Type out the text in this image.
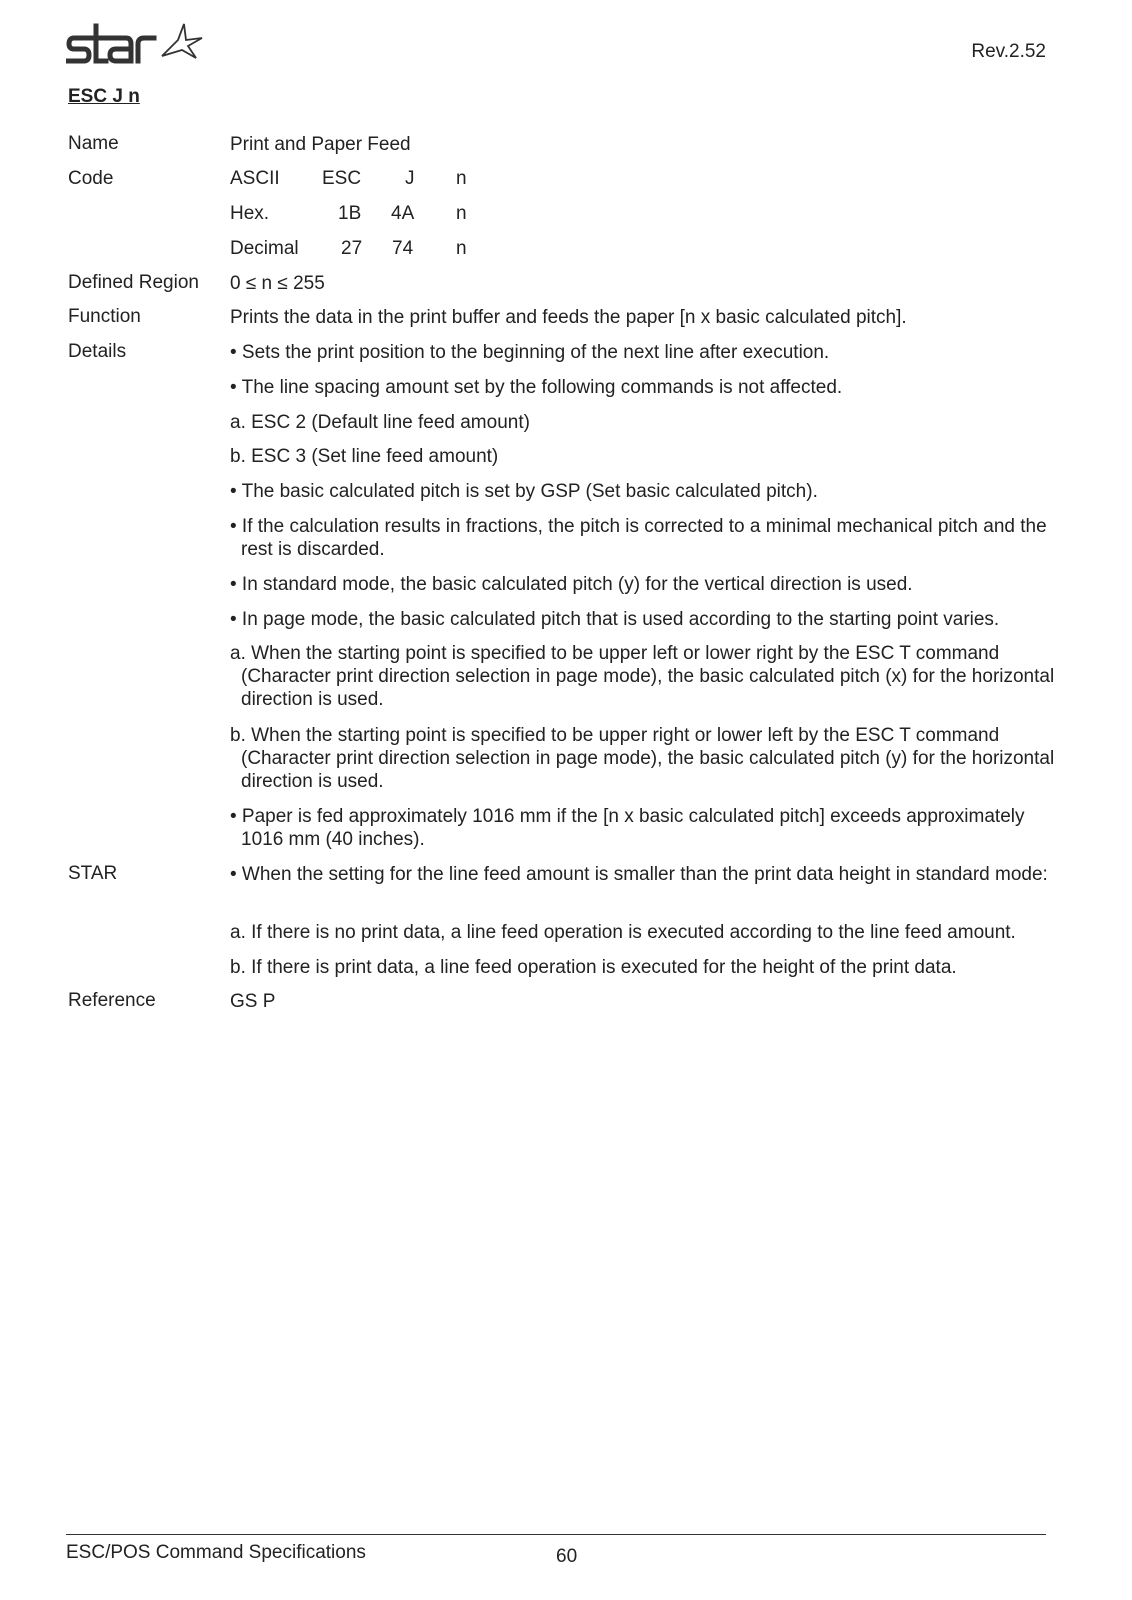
Rev.2.52
ESC J n
Name	Print and Paper Feed
Code	ASCII ESC J n
Hex.	1B 4A n
Decimal 27 74 n
Defined Region 0 ≤ n ≤ 255
Function	Prints the data in the print buffer and feeds the paper [n x basic calculated pitch].
Details	• Sets the print position to the beginning of the next line after execution.
• The line spacing amount set by the following commands is not affected.
a. ESC 2 (Default line feed amount)
b. ESC 3 (Set line feed amount)
• The basic calculated pitch is set by GSP (Set basic calculated pitch).
• If the calculation results in fractions, the pitch is corrected to a minimal mechanical pitch and the rest is discarded.
• In standard mode, the basic calculated pitch (y) for the vertical direction is used.
• In page mode, the basic calculated pitch that is used according to the starting point varies.
a. When the starting point is specified to be upper left or lower right by the ESC T command (Character print direction selection in page mode), the basic calculated pitch (x) for the horizontal direction is used.
b. When the starting point is specified to be upper right or lower left by the ESC T command (Character print direction selection in page mode), the basic calculated pitch (y) for the horizontal direction is used.
• Paper is fed approximately 1016 mm if the [n x basic calculated pitch] exceeds approximately 1016 mm (40 inches).
STAR	• When the setting for the line feed amount is smaller than the print data height in standard mode:
a. If there is no print data, a line feed operation is executed according to the line feed amount.
b. If there is print data, a line feed operation is executed for the height of the print data.
Reference	GS P
ESC/POS Command Specifications	60
